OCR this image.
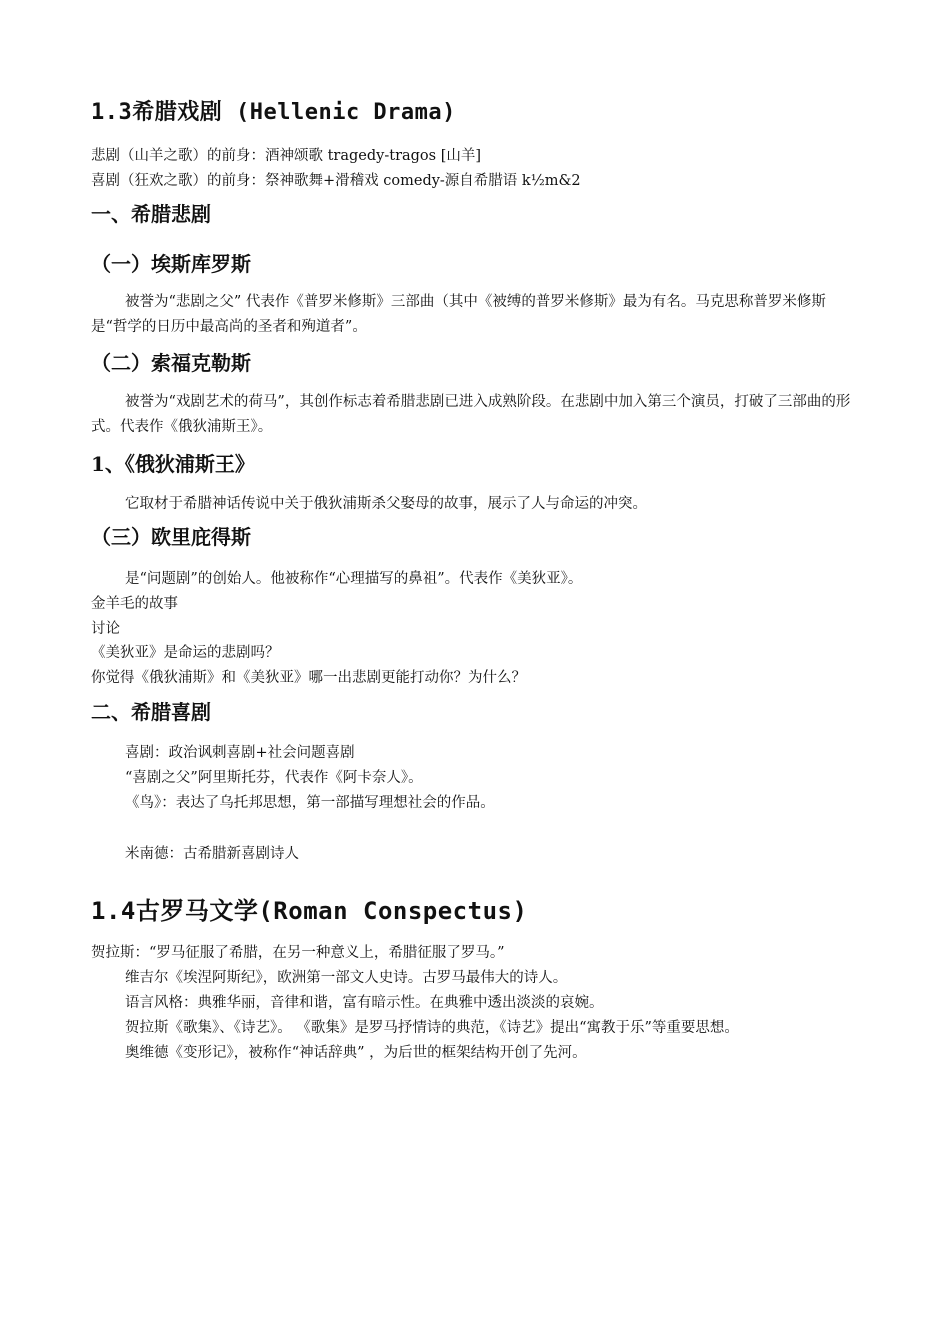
1.3希腊戏剧 (Hellenic Drama)

悲剧（山羊之歌）的前身：酒神颂歌 tragedy-tragos [山羊]

喜剧（狂欢之歌）的前身：祭神歌舞+滑稽戏 comedy-源自希腊语 k½m&2

一、希腊悲剧
（一）埃斯库罗斯

被誉为“悲剧之父” 代表作《普罗米修斯》三部曲（其中《被缚的普罗米修斯》最为有名。马克思称普罗米修斯是“哲学的日历中最高尚的圣者和殉道者”。

（二）索福克勒斯

被誉为“戏剧艺术的荷马”，其创作标志着希腊悲剧已进入成熟阶段。在悲剧中加入第三个演员，打破了三部曲的形式。代表作《俄狄浦斯王》。

1、《俄狄浦斯王》

它取材于希腊神话传说中关于俄狄浦斯杀父娶母的故事，展示了人与命运的冲突。

（三）欧里庇得斯

是“问题剧”的创始人。他被称作“心理描写的鼻祖”。代表作《美狄亚》。

金羊毛的故事

讨论

《美狄亚》是命运的悲剧吗？

你觉得《俄狄浦斯》和《美狄亚》哪一出悲剧更能打动你？为什么？

二、希腊喜剧

喜剧：政治讽刺喜剧+社会问题喜剧

“喜剧之父”阿里斯托芬，代表作《阿卡奈人》。

《鸟》：表达了乌托邦思想，第一部描写理想社会的作品。

米南德：古希腊新喜剧诗人

1.4古罗马文学(Roman Conspectus)

贺拉斯：“罗马征服了希腊，在另一种意义上，希腊征服了罗马。”

维吉尔《埃涅阿斯纪》，欧洲第一部文人史诗。古罗马最伟大的诗人。

语言风格：典雅华丽，音律和谐，富有暗示性。在典雅中透出淡淡的哀婉。

贺拉斯《歌集》、《诗艺》。 《歌集》是罗马抒情诗的典范，《诗艺》提出“寓教于乐”等重要思想。

奥维德《变形记》，被称作“神话辞典” ，为后世的框架结构开创了先河。
